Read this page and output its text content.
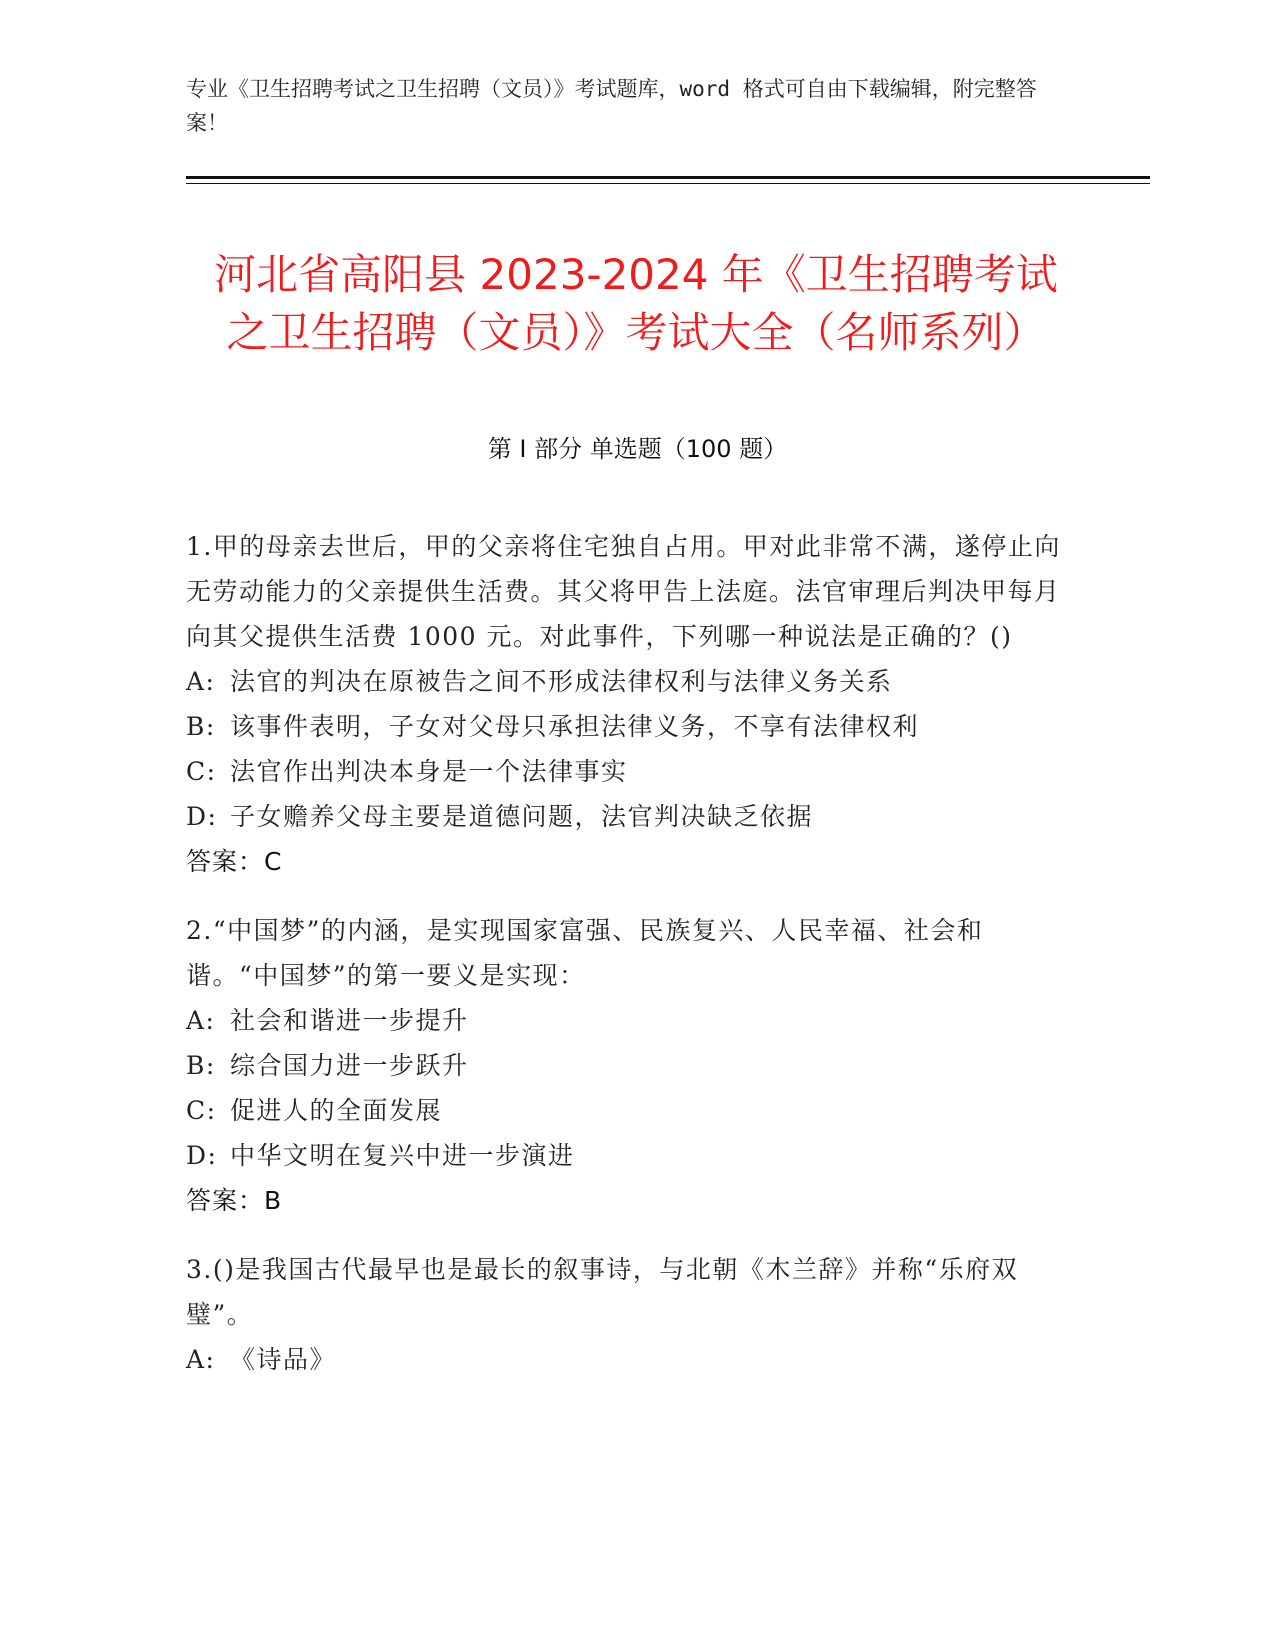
专业《卫生招聘考试之卫生招聘（文员）》考试题库，word 格式可自由下载编辑，附完整答案！
河北省高阳县 2023-2024 年《卫生招聘考试之卫生招聘（文员）》考试大全（名师系列）
第 I 部分 单选题（100 题）
1.甲的母亲去世后，甲的父亲将住宅独自占用。甲对此非常不满，遂停止向无劳动能力的父亲提供生活费。其父将甲告上法庭。法官审理后判决甲每月向其父提供生活费 1000 元。对此事件，下列哪一种说法是正确的？()
A: 法官的判决在原被告之间不形成法律权利与法律义务关系
B: 该事件表明，子女对父母只承担法律义务，不享有法律权利
C: 法官作出判决本身是一个法律事实
D: 子女赡养父母主要是道德问题，法官判决缺乏依据
答案：C
2.“中国梦”的内涵，是实现国家富强、民族复兴、人民幸福、社会和谐。“中国梦”的第一要义是实现：
A: 社会和谐进一步提升
B: 综合国力进一步跃升
C: 促进人的全面发展
D: 中华文明在复兴中进一步演进
答案：B
3.()是我国古代最早也是最长的叙事诗，与北朝《木兰辞》并称“乐府双璧”。
A: 《诗品》
